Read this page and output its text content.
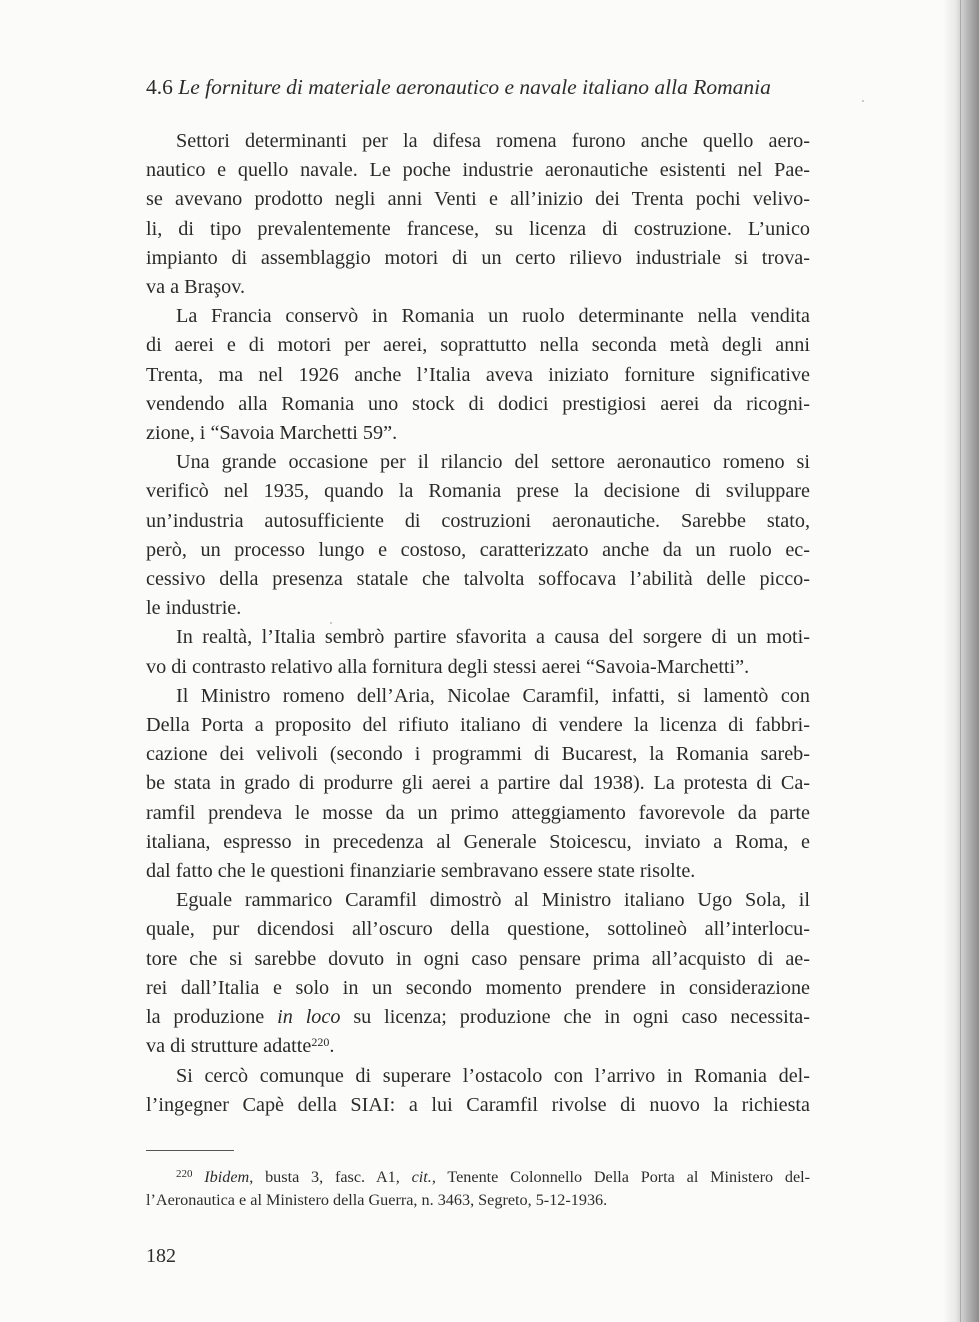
4.6 Le forniture di materiale aeronautico e navale italiano alla Romania
Settori determinanti per la difesa romena furono anche quello aero-
nautico e quello navale. Le poche industrie aeronautiche esistenti nel Pae-
se avevano prodotto negli anni Venti e all’inizio dei Trenta pochi velivo-
li, di tipo prevalentemente francese, su licenza di costruzione. L’unico
impianto di assemblaggio motori di un certo rilievo industriale si trova-
va a Braşov.
La Francia conservò in Romania un ruolo determinante nella vendita
di aerei e di motori per aerei, soprattutto nella seconda metà degli anni
Trenta, ma nel 1926 anche l’Italia aveva iniziato forniture significative
vendendo alla Romania uno stock di dodici prestigiosi aerei da ricogni-
zione, i “Savoia Marchetti 59”.
Una grande occasione per il rilancio del settore aeronautico romeno si
verificò nel 1935, quando la Romania prese la decisione di sviluppare
un’industria autosufficiente di costruzioni aeronautiche. Sarebbe stato,
però, un processo lungo e costoso, caratterizzato anche da un ruolo ec-
cessivo della presenza statale che talvolta soffocava l’abilità delle picco-
le industrie.
In realtà, l’Italia sembrò partire sfavorita a causa del sorgere di un moti-
vo di contrasto relativo alla fornitura degli stessi aerei “Savoia-Marchetti”.
Il Ministro romeno dell’Aria, Nicolae Caramfil, infatti, si lamentò con
Della Porta a proposito del rifiuto italiano di vendere la licenza di fabbri-
cazione dei velivoli (secondo i programmi di Bucarest, la Romania sareb-
be stata in grado di produrre gli aerei a partire dal 1938). La protesta di Ca-
ramfil prendeva le mosse da un primo atteggiamento favorevole da parte
italiana, espresso in precedenza al Generale Stoicescu, inviato a Roma, e
dal fatto che le questioni finanziarie sembravano essere state risolte.
Eguale rammarico Caramfil dimostrò al Ministro italiano Ugo Sola, il
quale, pur dicendosi all’oscuro della questione, sottolineò all’interlocu-
tore che si sarebbe dovuto in ogni caso pensare prima all’acquisto di ae-
rei dall’Italia e solo in un secondo momento prendere in considerazione
la produzione in loco su licenza; produzione che in ogni caso necessita-
va di strutture adatte$^{220}$.
Si cercò comunque di superare l’ostacolo con l’arrivo in Romania del-
l’ingegner Capè della SIAI: a lui Caramfil rivolse di nuovo la richiesta
$^{220}$ Ibidem, busta 3, fasc. A1, cit., Tenente Colonnello Della Porta al Ministero del-
l’Aeronautica e al Ministero della Guerra, n. 3463, Segreto, 5-12-1936.
182
